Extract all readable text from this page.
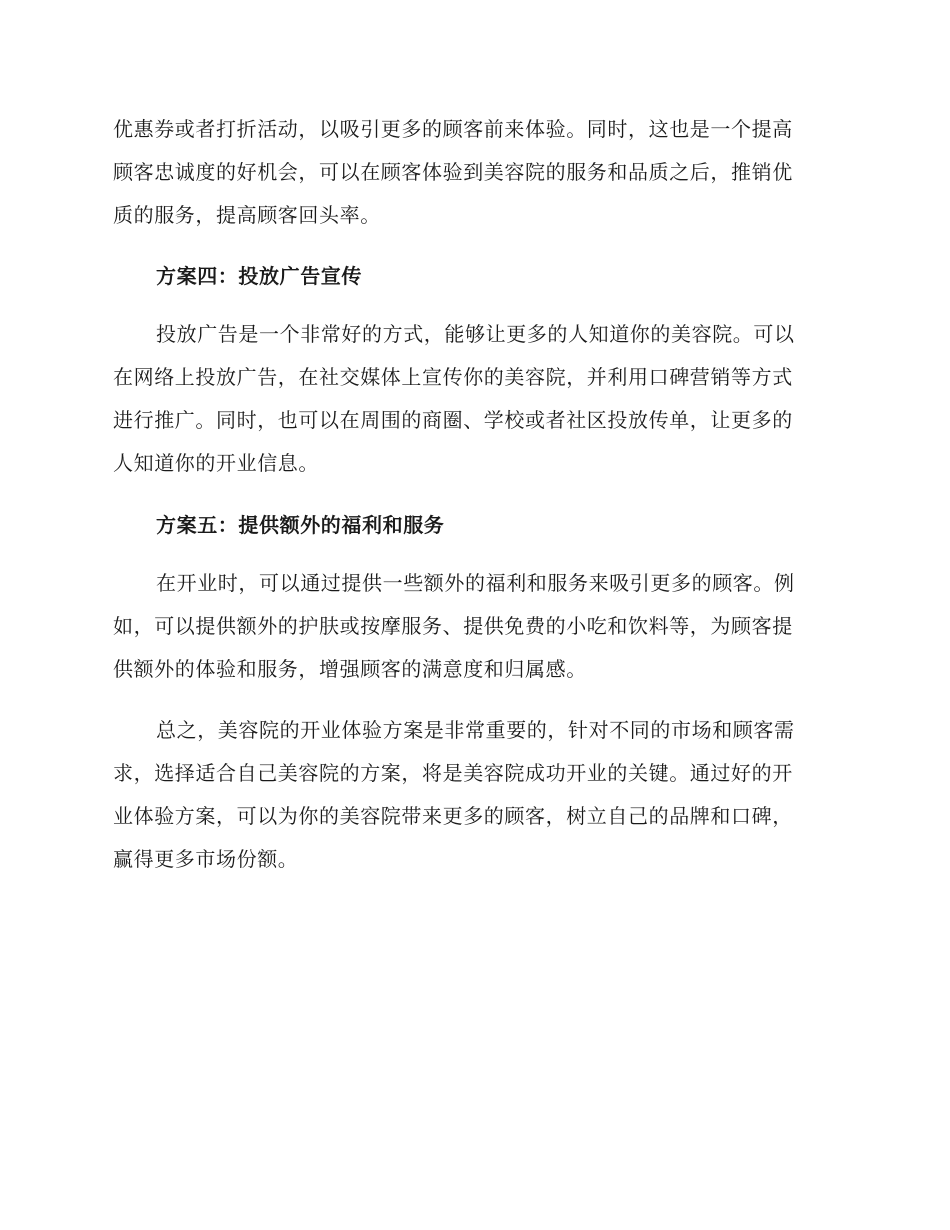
优惠券或者打折活动，以吸引更多的顾客前来体验。同时，这也是一个提高
顾客忠诚度的好机会，可以在顾客体验到美容院的服务和品质之后，推销优
质的服务，提高顾客回头率。
方案四：投放广告宣传
投放广告是一个非常好的方式，能够让更多的人知道你的美容院。可以
在网络上投放广告，在社交媒体上宣传你的美容院，并利用口碑营销等方式
进行推广。同时，也可以在周围的商圈、学校或者社区投放传单，让更多的
人知道你的开业信息。
方案五：提供额外的福利和服务
在开业时，可以通过提供一些额外的福利和服务来吸引更多的顾客。例
如，可以提供额外的护肤或按摩服务、提供免费的小吃和饮料等，为顾客提
供额外的体验和服务，增强顾客的满意度和归属感。
总之，美容院的开业体验方案是非常重要的，针对不同的市场和顾客需
求，选择适合自己美容院的方案，将是美容院成功开业的关键。通过好的开
业体验方案，可以为你的美容院带来更多的顾客，树立自己的品牌和口碑，
赢得更多市场份额。
